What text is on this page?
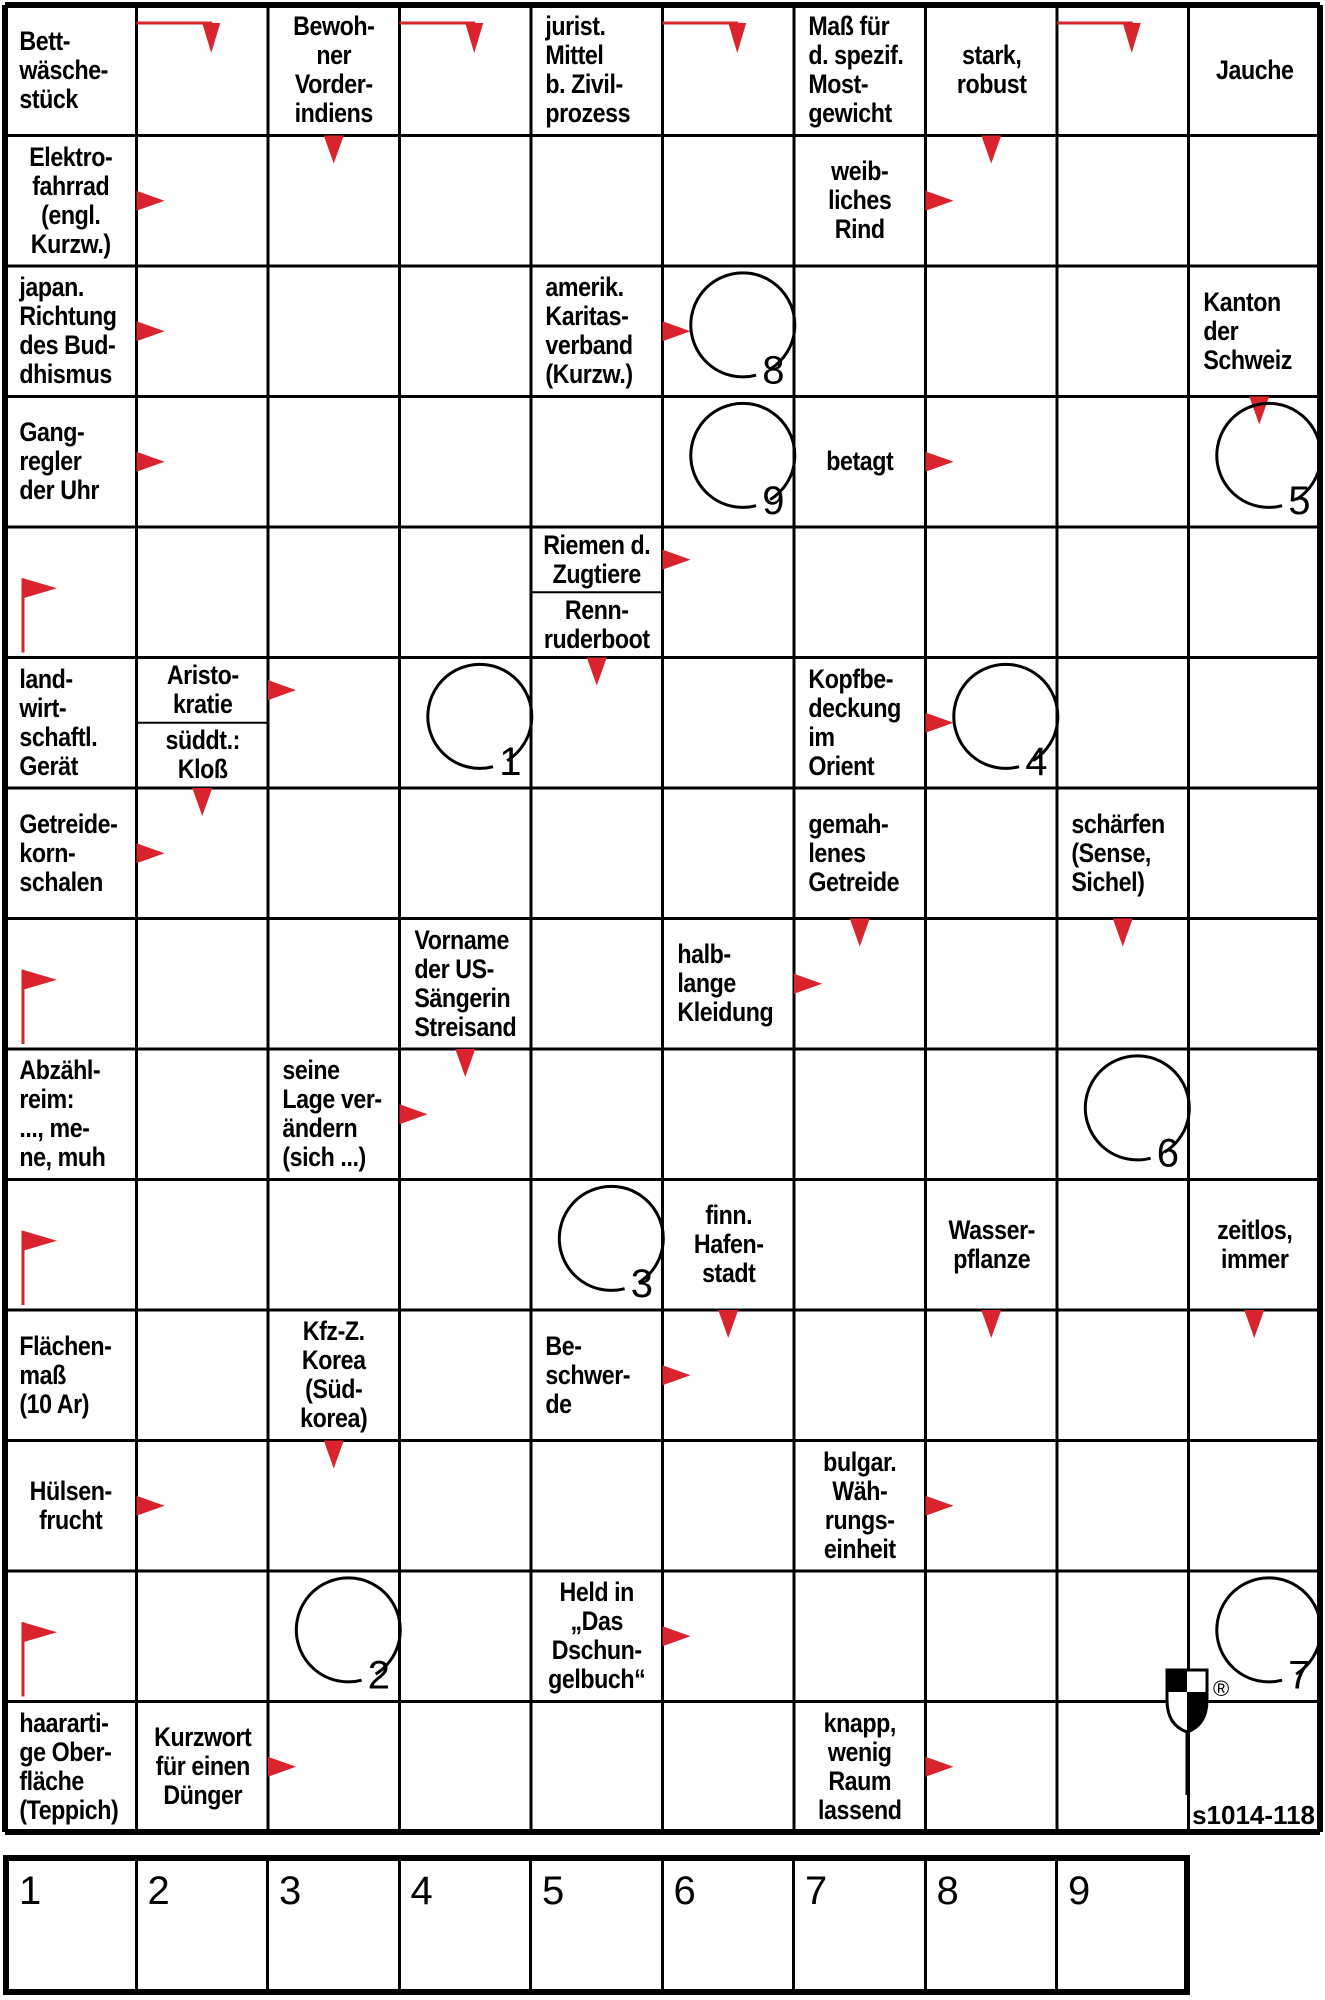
1
2
3
4
5
6
7
8
9
®
Bett-
wäsche-
stück
Bewoh-
ner
Vorder-
indiens
jurist.
Mittel
b. Zivil-
prozess
Maß für
d. spezif.
Most-
gewicht
stark,
robust	Jauche
Elektro-
fahrrad
(engl.
Kurzw.)
weib-
liches
Rind
japan.
Richtung
des Bud-
dhismus
amerik.
Karitas-
verband
(Kurzw.)
Kanton
der
Schweiz
Gang-
regler
der Uhr
betagt
Riemen d.
Zugtiere
Renn-
ruderboot
land-
wirt-
schaftl.
Gerät
Aristo-
kratie
süddt.:
Kloß
Kopfbe-
deckung
im
Orient
Getreide-
korn-
schalen
gemah-
lenes
Getreide
schärfen
(Sense,
Sichel)
Vorname
der US-
Sängerin
Streisand
halb-
lange
Kleidung
Abzähl-
reim:
..., me-
ne, muh
seine
Lage ver-
ändern
(sich ...)
finn.
Hafen-
stadt
Wasser-
pflanze
zeitlos,
immer
Flächen-
maß
(10 Ar)
Kfz-Z.
Korea
(Süd-
korea)
Be-
schwer-
de
Hülsen-
frucht
bulgar.
Wäh-
rungs-
einheit
Held in
„Das
Dschun-
gelbuch“
haararti-
ge Ober-
fläche
(Teppich)
Kurzwort
für einen
Dünger
knapp,
wenig
Raum
lassend
1	2	3	4	5	6	7	8	9
s1014-118
